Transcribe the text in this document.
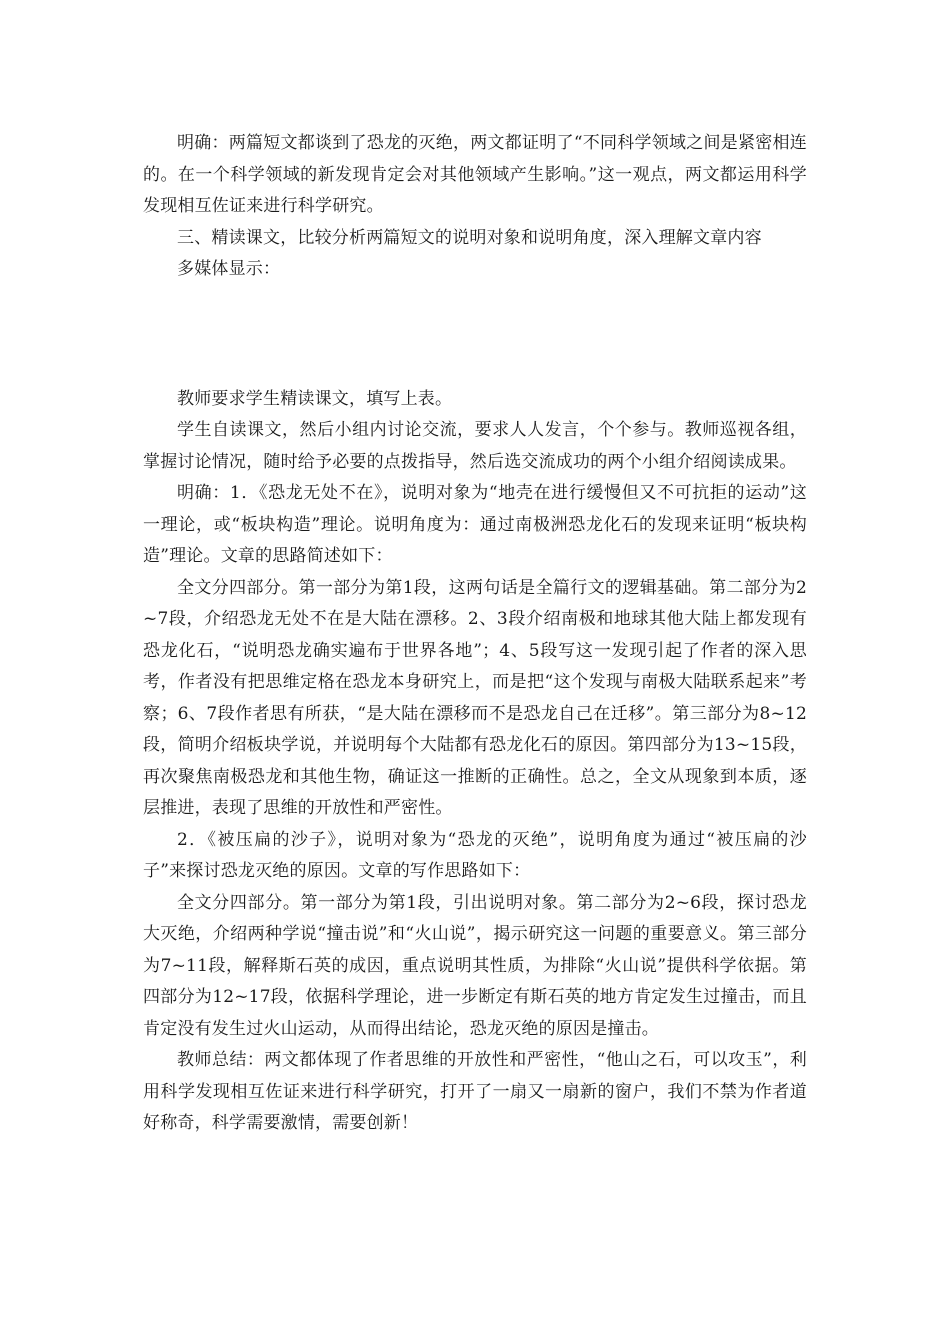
明确：两篇短文都谈到了恐龙的灭绝，两文都证明了“不同科学领域之间是紧密相连的。在一个科学领域的新发现肯定会对其他领域产生影响。”这一观点，两文都运用科学发现相互佐证来进行科学研究。

三、精读课文，比较分析两篇短文的说明对象和说明角度，深入理解文章内容

多媒体显示：

教师要求学生精读课文，填写上表。

学生自读课文，然后小组内讨论交流，要求人人发言，个个参与。教师巡视各组，掌握讨论情况，随时给予必要的点拨指导，然后选交流成功的两个小组介绍阅读成果。

明确：1．《恐龙无处不在》，说明对象为“地壳在进行缓慢但又不可抗拒的运动”这一理论，或“板块构造”理论。说明角度为：通过南极洲恐龙化石的发现来证明“板块构造”理论。文章的思路简述如下：

全文分四部分。第一部分为第1段，这两句话是全篇行文的逻辑基础。第二部分为2~7段，介绍恐龙无处不在是大陆在漂移。2、3段介绍南极和地球其他大陆上都发现有恐龙化石，“说明恐龙确实遍布于世界各地”；4、5段写这一发现引起了作者的深入思考，作者没有把思维定格在恐龙本身研究上，而是把“这个发现与南极大陆联系起来”考察；6、7段作者思有所获，“是大陆在漂移而不是恐龙自己在迁移”。第三部分为8~12段，简明介绍板块学说，并说明每个大陆都有恐龙化石的原因。第四部分为13~15段，再次聚焦南极恐龙和其他生物，确证这一推断的正确性。总之，全文从现象到本质，逐层推进，表现了思维的开放性和严密性。

2．《被压扁的沙子》，说明对象为“恐龙的灭绝”，说明角度为通过“被压扁的沙子”来探讨恐龙灭绝的原因。文章的写作思路如下：

全文分四部分。第一部分为第1段，引出说明对象。第二部分为2~6段，探讨恐龙大灭绝，介绍两种学说“撞击说”和“火山说”，揭示研究这一问题的重要意义。第三部分为7~11段，解释斯石英的成因，重点说明其性质，为排除“火山说”提供科学依据。第四部分为12~17段，依据科学理论，进一步断定有斯石英的地方肯定发生过撞击，而且肯定没有发生过火山运动，从而得出结论，恐龙灭绝的原因是撞击。

教师总结：两文都体现了作者思维的开放性和严密性，“他山之石，可以攻玉”，利用科学发现相互佐证来进行科学研究，打开了一扇又一扇新的窗户，我们不禁为作者道好称奇，科学需要激情，需要创新！
